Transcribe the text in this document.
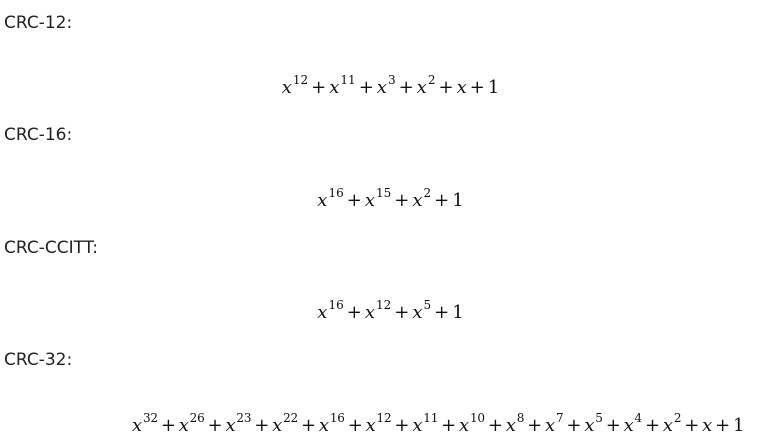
CRC-12:
$x^{12} + x^{11} + x^3 + x^2 + x + 1$
CRC-16:
$x^{16} + x^{15} + x^2 + 1$
CRC-CCITT:
$x^{16} + x^{12} + x^5 + 1$
CRC-32:
$x^{32} + x^{26} + x^{23} + x^{22} + x^{16} + x^{12} + x^{11} + x^{10} + x^8 + x^7 + x^5 + x^4 + x^2 + x + 1$
